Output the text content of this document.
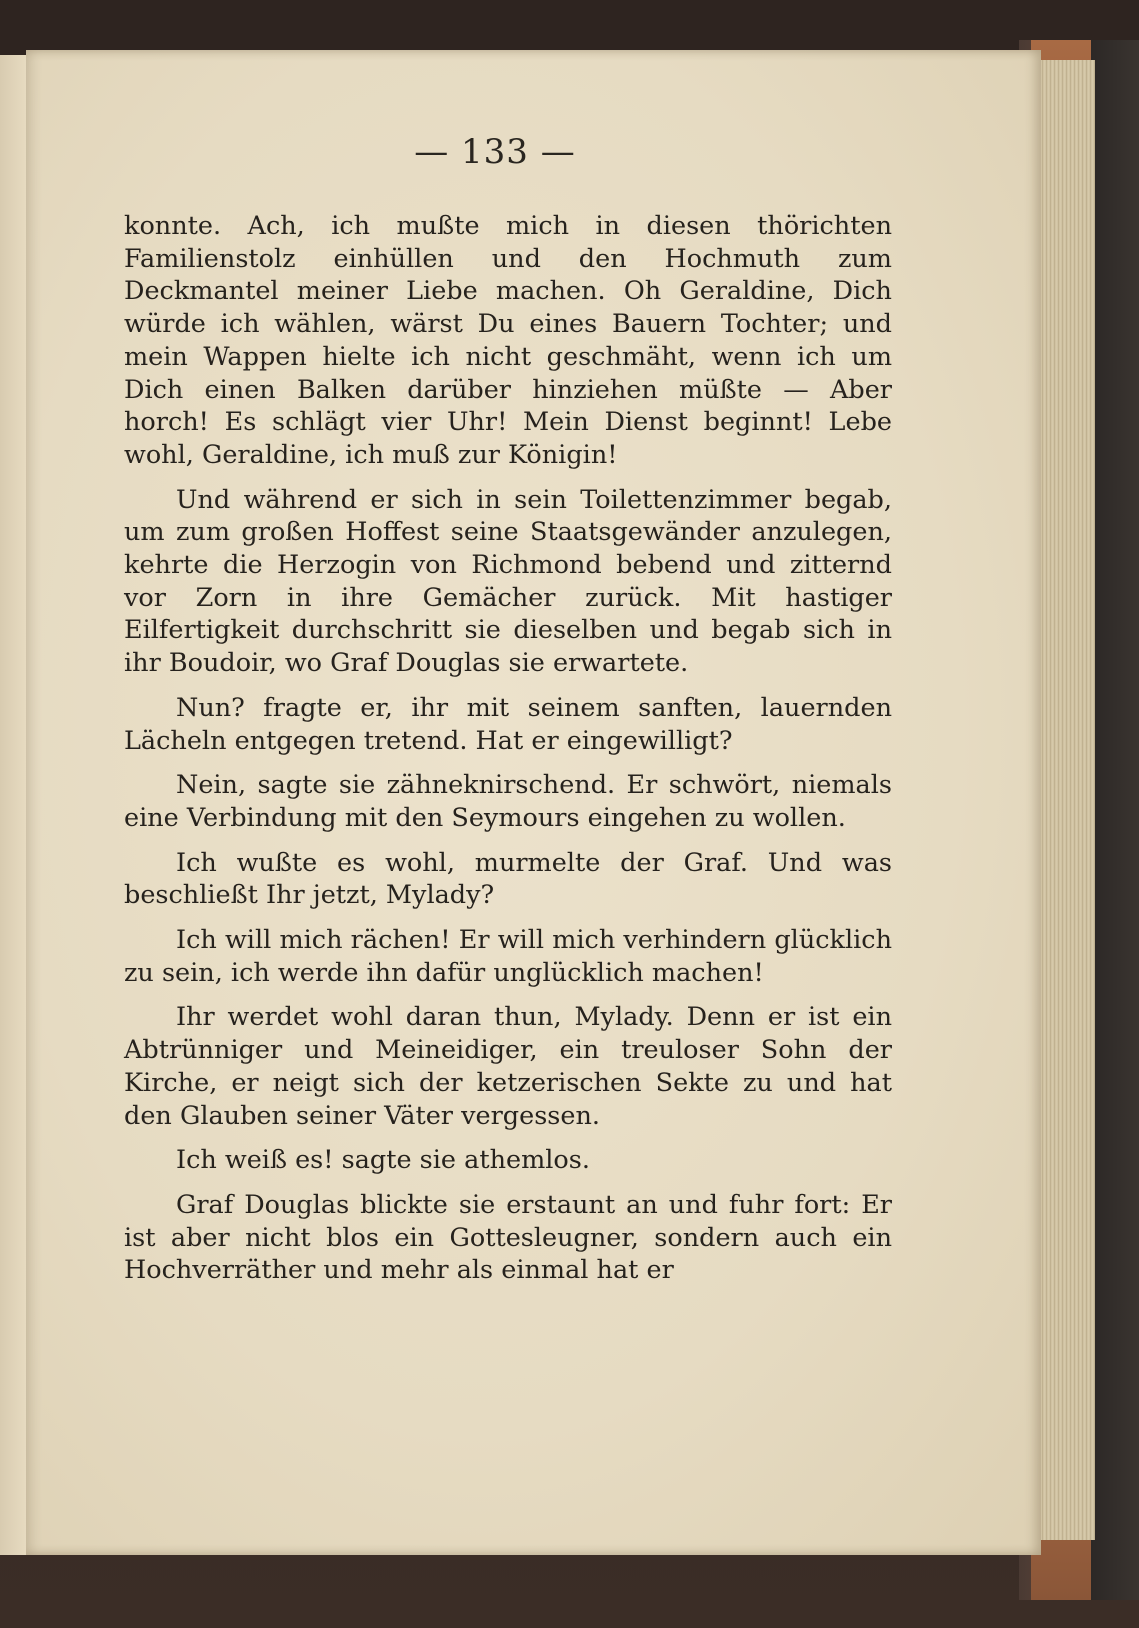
— 133 —

konnte. Ach, ich mußte mich in diesen thörichten Familienstolz einhüllen und den Hochmuth zum Deckmantel meiner Liebe machen. Oh Geraldine, Dich würde ich wählen, wärst Du eines Bauern Tochter; und mein Wappen hielte ich nicht geschmäht, wenn ich um Dich einen Balken darüber hinziehen müßte — Aber horch! Es schlägt vier Uhr! Mein Dienst beginnt! Lebe wohl, Geraldine, ich muß zur Königin!

Und während er sich in sein Toilettenzimmer begab, um zum großen Hoffest seine Staatsgewänder anzulegen, kehrte die Herzogin von Richmond bebend und zitternd vor Zorn in ihre Gemächer zurück. Mit hastiger Eilfertigkeit durchschritt sie dieselben und begab sich in ihr Boudoir, wo Graf Douglas sie erwartete.

Nun? fragte er, ihr mit seinem sanften, lauernden Lächeln entgegen tretend. Hat er eingewilligt?

Nein, sagte sie zähneknirschend. Er schwört, niemals eine Verbindung mit den Seymours eingehen zu wollen.

Ich wußte es wohl, murmelte der Graf. Und was beschließt Ihr jetzt, Mylady?

Ich will mich rächen! Er will mich verhindern glücklich zu sein, ich werde ihn dafür unglücklich machen!

Ihr werdet wohl daran thun, Mylady. Denn er ist ein Abtrünniger und Meineidiger, ein treuloser Sohn der Kirche, er neigt sich der ketzerischen Sekte zu und hat den Glauben seiner Väter vergessen.

Ich weiß es! sagte sie athemlos.

Graf Douglas blickte sie erstaunt an und fuhr fort: Er ist aber nicht blos ein Gottesleugner, sondern auch ein Hochverräther und mehr als einmal hat er
